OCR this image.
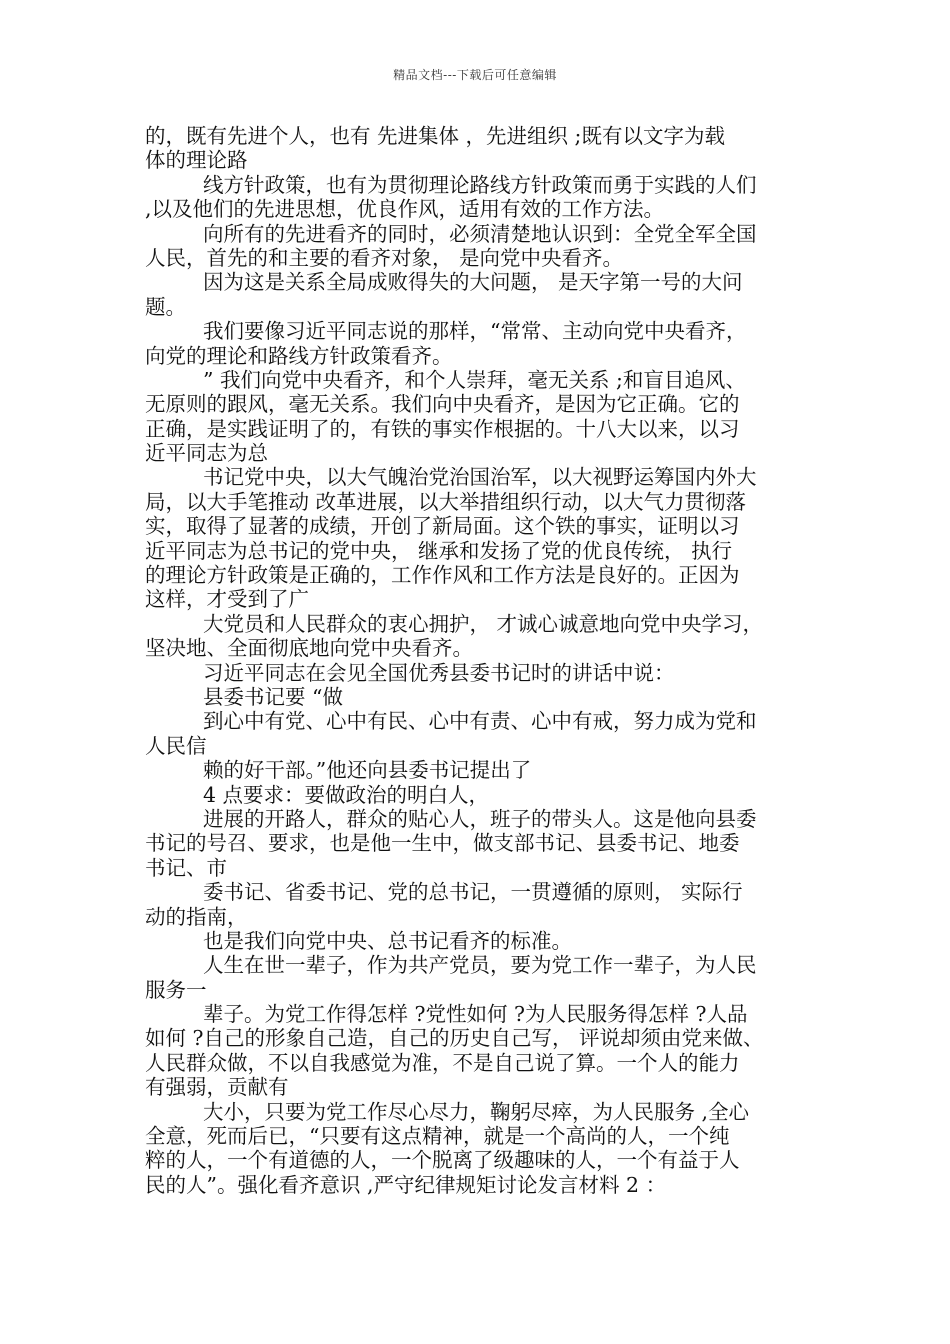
精品文档---下载后可任意编辑
的，既有先进个人，也有 先进集体 ，先进组织 ;既有以文字为载
体的理论路
线方针政策，也有为贯彻理论路线方针政策而勇于实践的人们
,以及他们的先进思想，优良作风，适用有效的工作方法。
向所有的先进看齐的同时，必须清楚地认识到：全党全军全国
人民，首先的和主要的看齐对象， 是向党中央看齐。
因为这是关系全局成败得失的大问题， 是天字第一号的大问
题。
我们要像习近平同志说的那样，“常常、主动向党中央看齐，
向党的理论和路线方针政策看齐。
” 我们向党中央看齐，和个人崇拜，毫无关系 ;和盲目追风、
无原则的跟风，毫无关系。我们向中央看齐，是因为它正确。它的
正确，是实践证明了的，有铁的事实作根据的。十八大以来，以习
近平同志为总
书记党中央，以大气魄治党治国治军，以大视野运筹国内外大
局，以大手笔推动 改革进展，以大举措组织行动，以大气力贯彻落
实，取得了显著的成绩，开创了新局面。这个铁的事实，证明以习
近平同志为总书记的党中央， 继承和发扬了党的优良传统， 执行
的理论方针政策是正确的，工作作风和工作方法是良好的。正因为
这样，才受到了广
大党员和人民群众的衷心拥护， 才诚心诚意地向党中央学习，
坚决地、全面彻底地向党中央看齐。
习近平同志在会见全国优秀县委书记时的讲话中说：
县委书记要 “做
到心中有党、心中有民、心中有责、心中有戒，努力成为党和
人民信
赖的好干部。”他还向县委书记提出了
4 点要求：要做政治的明白人，
进展的开路人，群众的贴心人，班子的带头人。这是他向县委
书记的号召、要求，也是他一生中，做支部书记、县委书记、地委
书记、市
委书记、省委书记、党的总书记，一贯遵循的原则， 实际行
动的指南，
也是我们向党中央、总书记看齐的标准。
人生在世一辈子，作为共产党员，要为党工作一辈子，为人民
服务一
辈子。为党工作得怎样 ?党性如何 ?为人民服务得怎样 ?人品
如何 ?自己的形象自己造，自己的历史自己写， 评说却须由党来做、
人民群众做，不以自我感觉为准，不是自己说了算。一个人的能力
有强弱，贡献有
大小，只要为党工作尽心尽力，鞠躬尽瘁，为人民服务 ,全心
全意，死而后已，“只要有这点精神，就是一个高尚的人，一个纯
粹的人，一个有道德的人，一个脱离了级趣味的人，一个有益于人
民的人”。强化看齐意识 ,严守纪律规矩讨论发言材料 2 ：
